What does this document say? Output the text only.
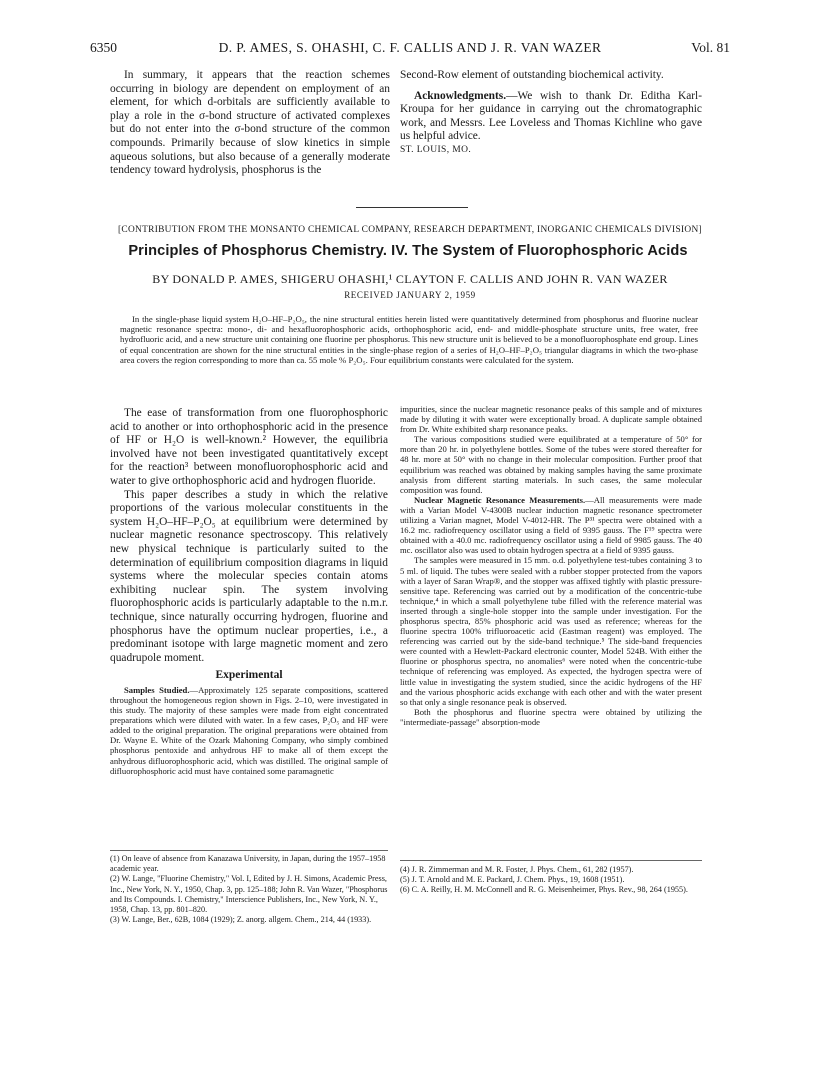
6350	D. P. AMES, S. OHASHI, C. F. CALLIS AND J. R. VAN WAZER	Vol. 81

In summary, it appears that the reaction schemes occurring in biology are dependent on employment of an element, for which d-orbitals are sufficiently available to play a role in the σ-bond structure of activated complexes but do not enter into the σ-bond structure of the common compounds. Primarily because of slow kinetics in simple aqueous solutions, but also because of a generally moderate tendency toward hydrolysis, phosphorus is the

Second-Row element of outstanding biochemical activity.

Acknowledgments.—We wish to thank Dr. Editha Karl-Kroupa for her guidance in carrying out the chromatographic work, and Messrs. Lee Loveless and Thomas Kichline who gave us helpful advice.

ST. LOUIS, MO.

[CONTRIBUTION FROM THE MONSANTO CHEMICAL COMPANY, RESEARCH DEPARTMENT, INORGANIC CHEMICALS DIVISION]
Principles of Phosphorus Chemistry. IV. The System of Fluorophosphoric Acids
BY DONALD P. AMES, SHIGERU OHASHI,¹ CLAYTON F. CALLIS AND JOHN R. VAN WAZER
RECEIVED JANUARY 2, 1959

In the single-phase liquid system H₂O–HF–P₂O₅, the nine structural entities herein listed were quantitatively determined from phosphorus and fluorine nuclear magnetic resonance spectra: mono-, di- and hexafluorophosphoric acids, orthophosphoric acid, end- and middle-phosphate structure units, free water, free hydrofluoric acid, and a new structure unit containing one fluorine per phosphorus. This new structure unit is believed to be a monofluorophosphate end group. Lines of equal concentration are shown for the nine structural entities in the single-phase region of a series of H₂O–HF–P₂O₅ triangular diagrams in which the two-phase area covers the region corresponding to more than ca. 55 mole % P₂O₅. Four equilibrium constants were calculated for the system.

The ease of transformation from one fluorophosphoric acid to another or into orthophosphoric acid in the presence of HF or H₂O is well-known.² However, the equilibria involved have not been investigated quantitatively except for the reaction³ between monofluorophosphoric acid and water to give orthophosphoric acid and hydrogen fluoride.

This paper describes a study in which the relative proportions of the various molecular constituents in the system H₂O–HF–P₂O₅ at equilibrium were determined by nuclear magnetic resonance spectroscopy. This relatively new physical technique is particularly suited to the determination of equilibrium composition diagrams in liquid systems where the molecular species contain atoms exhibiting nuclear spin. The system involving fluorophosphoric acids is particularly adaptable to the n.m.r. technique, since naturally occurring hydrogen, fluorine and phosphorus have the optimum nuclear properties, i.e., a predominant isotope with large magnetic moment and zero quadrupole moment.

Experimental

Samples Studied.—Approximately 125 separate compositions, scattered throughout the homogeneous region shown in Figs. 2–10, were investigated in this study. The majority of these samples were made from eight concentrated preparations which were diluted with water. In a few cases, P₂O₅ and HF were added to the original preparation. The original preparations were obtained from Dr. Wayne E. White of the Ozark Mahoning Company, who simply combined phosphorus pentoxide and anhydrous HF to make all of them except the anhydrous difluorophosphoric acid, which was distilled. The original sample of difluorophosphoric acid must have contained some paramagnetic

impurities, since the nuclear magnetic resonance peaks of this sample and of mixtures made by diluting it with water were exceptionally broad. A duplicate sample obtained from Dr. White exhibited sharp resonance peaks.

The various compositions studied were equilibrated at a temperature of 50° for more than 20 hr. in polyethylene bottles. Some of the tubes were stored thereafter for 48 hr. more at 50° with no change in their molecular composition. Further proof that equilibrium was reached was obtained by making samples having the same proximate analysis from different starting materials. In such cases, the same molecular composition was found.

Nuclear Magnetic Resonance Measurements.—All measurements were made with a Varian Model V-4300B nuclear induction magnetic resonance spectrometer utilizing a Varian magnet, Model V-4012-HR. The P³¹ spectra were obtained with a 16.2 mc. radiofrequency oscillator using a field of 9395 gauss. The F¹⁹ spectra were obtained with a 40.0 mc. radiofrequency oscillator using a field of 9985 gauss. The 40 mc. oscillator also was used to obtain hydrogen spectra at a field of 9395 gauss.

The samples were measured in 15 mm. o.d. polyethylene test-tubes containing 3 to 5 ml. of liquid. The tubes were sealed with a rubber stopper protected from the vapors with a layer of Saran Wrap®, and the stopper was affixed tightly with plastic pressure-sensitive tape. Referencing was carried out by a modification of the concentric-tube technique,⁴ in which a small polyethylene tube filled with the reference material was inserted through a single-hole stopper into the sample under investigation. For the phosphorus spectra, 85% phosphoric acid was used as reference; whereas for the fluorine spectra 100% trifluoroacetic acid (Eastman reagent) was employed. The referencing was carried out by the side-band technique.⁵ The side-band frequencies were counted with a Hewlett-Packard electronic counter, Model 524B. With either the fluorine or phosphorus spectra, no anomalies⁶ were noted when the concentric-tube technique of referencing was employed. As expected, the hydrogen spectra were of little value in investigating the system studied, since the acidic hydrogens of the HF and the various phosphoric acids exchange with each other and with the water present so that only a single resonance peak is observed.

Both the phosphorus and fluorine spectra were obtained by utilizing the "intermediate-passage" absorption-mode

(1) On leave of absence from Kanazawa University, in Japan, during the 1957–1958 academic year.

(2) W. Lange, "Fluorine Chemistry," Vol. I, Edited by J. H. Simons, Academic Press, Inc., New York, N. Y., 1950, Chap. 3, pp. 125–188; John R. Van Wazer, "Phosphorus and Its Compounds. I. Chemistry," Interscience Publishers, Inc., New York, N. Y., 1958, Chap. 13, pp. 801–820.

(3) W. Lange, Ber., 62B, 1084 (1929); Z. anorg. allgem. Chem., 214, 44 (1933).

(4) J. R. Zimmerman and M. R. Foster, J. Phys. Chem., 61, 282 (1957).

(5) J. T. Arnold and M. E. Packard, J. Chem. Phys., 19, 1608 (1951).

(6) C. A. Reilly, H. M. McConnell and R. G. Meisenheimer, Phys. Rev., 98, 264 (1955).
